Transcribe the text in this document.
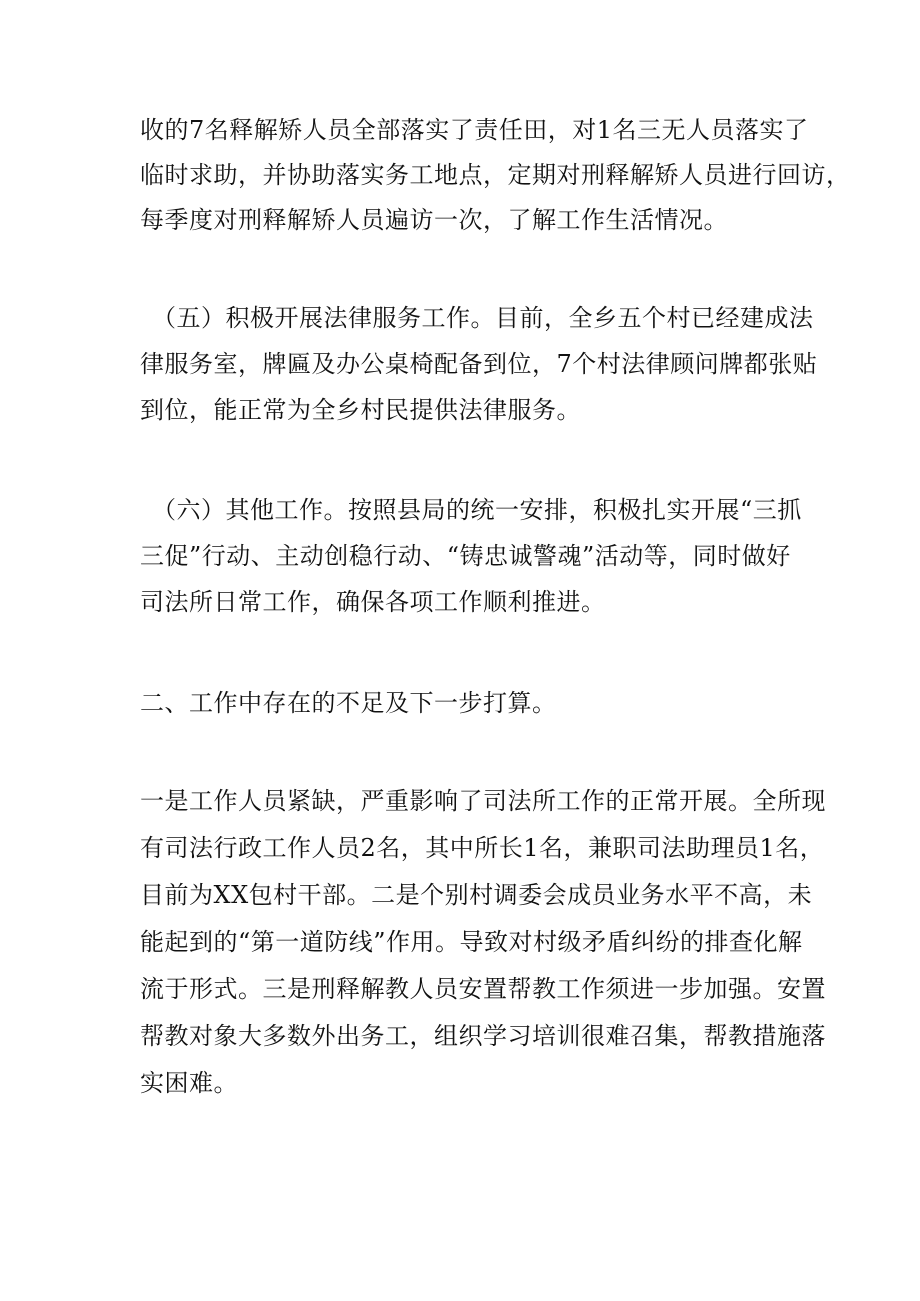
收的7名释解矫人员全部落实了责任田，对1名三无人员落实了
临时求助，并协助落实务工地点，定期对刑释解矫人员进行回访，
每季度对刑释解矫人员遍访一次，了解工作生活情况。
（五）积极开展法律服务工作。目前，全乡五个村已经建成法
律服务室，牌匾及办公桌椅配备到位，7个村法律顾问牌都张贴
到位，能正常为全乡村民提供法律服务。
（六）其他工作。按照县局的统一安排，积极扎实开展“三抓
三促”行动、主动创稳行动、“铸忠诚警魂”活动等，同时做好
司法所日常工作，确保各项工作顺利推进。
二、工作中存在的不足及下一步打算。
一是工作人员紧缺，严重影响了司法所工作的正常开展。全所现
有司法行政工作人员2名，其中所长1名，兼职司法助理员1名，
目前为XX包村干部。二是个别村调委会成员业务水平不高，未
能起到的“第一道防线”作用。导致对村级矛盾纠纷的排查化解
流于形式。三是刑释解教人员安置帮教工作须进一步加强。安置
帮教对象大多数外出务工，组织学习培训很难召集，帮教措施落
实困难。
